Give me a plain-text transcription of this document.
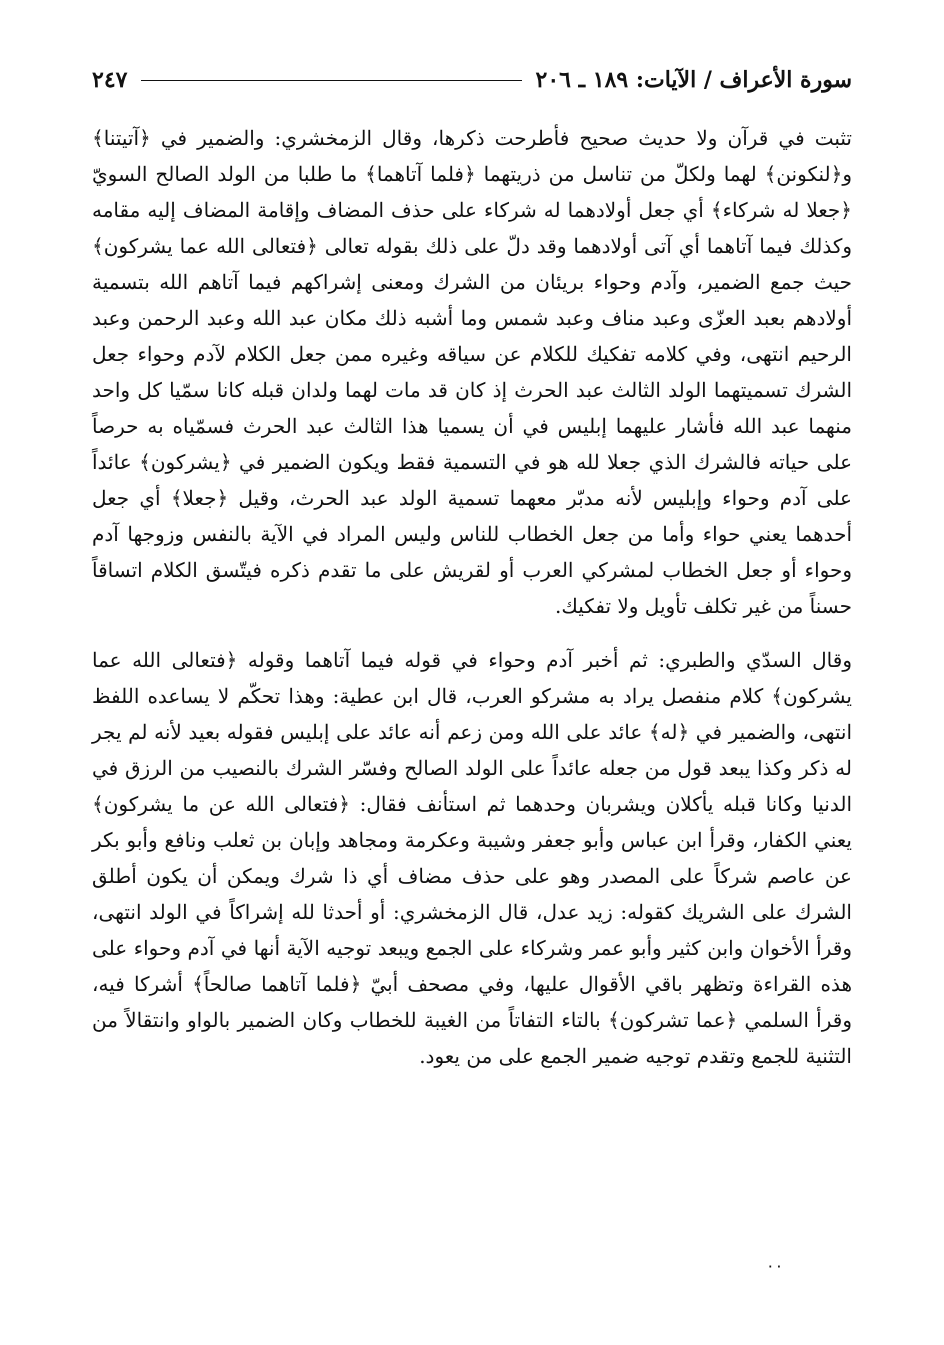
سورة الأعراف / الآيات: ١٨٩ ـ ٢٠٦
٢٤٧

تثبت في قرآن ولا حديث صحيح فأطرحت ذكرها، وقال الزمخشري: والضمير في ﴿آتيتنا﴾ و﴿لنكونن﴾ لهما ولكلّ من تناسل من ذريتهما ﴿فلما آتاهما﴾ ما طلبا من الولد الصالح السويّ ﴿جعلا له شركاء﴾ أي جعل أولادهما له شركاء على حذف المضاف وإقامة المضاف إليه مقامه وكذلك فيما آتاهما أي آتى أولادهما وقد دلّ على ذلك بقوله تعالى ﴿فتعالى الله عما يشركون﴾ حيث جمع الضمير، وآدم وحواء بريئان من الشرك ومعنى إشراكهم فيما آتاهم الله بتسمية أولادهم بعبد العزّى وعبد مناف وعبد شمس وما أشبه ذلك مكان عبد الله وعبد الرحمن وعبد الرحيم انتهى، وفي كلامه تفكيك للكلام عن سياقه وغيره ممن جعل الكلام لآدم وحواء جعل الشرك تسميتهما الولد الثالث عبد الحرث إذ كان قد مات لهما ولدان قبله كانا سمّيا كل واحد منهما عبد الله فأشار عليهما إبليس في أن يسميا هذا الثالث عبد الحرث فسمّياه به حرصاً على حياته فالشرك الذي جعلا لله هو في التسمية فقط ويكون الضمير في ﴿يشركون﴾ عائداً على آدم وحواء وإبليس لأنه مدبّر معهما تسمية الولد عبد الحرث، وقيل ﴿جعلا﴾ أي جعل أحدهما يعني حواء وأما من جعل الخطاب للناس وليس المراد في الآية بالنفس وزوجها آدم وحواء أو جعل الخطاب لمشركي العرب أو لقريش على ما تقدم ذكره فيتّسق الكلام اتساقاً حسناً من غير تكلف تأويل ولا تفكيك.

وقال السدّي والطبري: ثم أخبر آدم وحواء في قوله فيما آتاهما وقوله ﴿فتعالى الله عما يشركون﴾ كلام منفصل يراد به مشركو العرب، قال ابن عطية: وهذا تحكّم لا يساعده اللفظ انتهى، والضمير في ﴿له﴾ عائد على الله ومن زعم أنه عائد على إبليس فقوله بعيد لأنه لم يجر له ذكر وكذا يبعد قول من جعله عائداً على الولد الصالح وفسّر الشرك بالنصيب من الرزق في الدنيا وكانا قبله يأكلان ويشربان وحدهما ثم استأنف فقال: ﴿فتعالى الله عن ما يشركون﴾ يعني الكفار، وقرأ ابن عباس وأبو جعفر وشيبة وعكرمة ومجاهد وإبان بن ثعلب ونافع وأبو بكر عن عاصم شركاً على المصدر وهو على حذف مضاف أي ذا شرك ويمكن أن يكون أطلق الشرك على الشريك كقوله: زيد عدل، قال الزمخشري: أو أحدثا لله إشراكاً في الولد انتهى، وقرأ الأخوان وابن كثير وأبو عمر وشركاء على الجمع ويبعد توجيه الآية أنها في آدم وحواء على هذه القراءة وتظهر باقي الأقوال عليها، وفي مصحف أبيّ ﴿فلما آتاهما صالحاً﴾ أشركا فيه، وقرأ السلمي ﴿عما تشركون﴾ بالتاء التفاتاً من الغيبة للخطاب وكان الضمير بالواو وانتقالاً من التثنية للجمع وتقدم توجيه ضمير الجمع على من يعود.

٠٠
